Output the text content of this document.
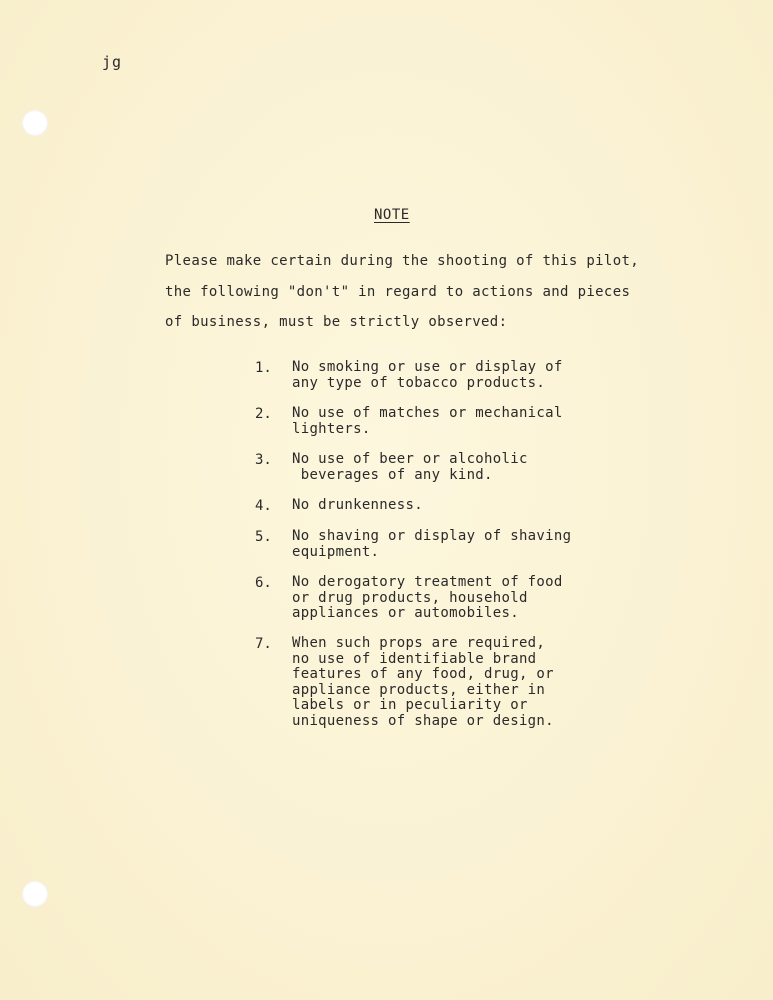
jg
NOTE
Please make certain during the shooting of this pilot,
the following "don't" in regard to actions and pieces
of business, must be strictly observed:
1.	No smoking or use or display of
any type of tobacco products.
2.	No use of matches or mechanical
lighters.
3.	No use of beer or alcoholic
beverages of any kind.
4.	No drunkenness.
5.	No shaving or display of shaving
equipment.
6.	No derogatory treatment of food
or drug products, household
appliances or automobiles.
7.	When such props are required,
no use of identifiable brand
features of any food, drug, or
appliance products, either in
labels or in peculiarity or
uniqueness of shape or design.
